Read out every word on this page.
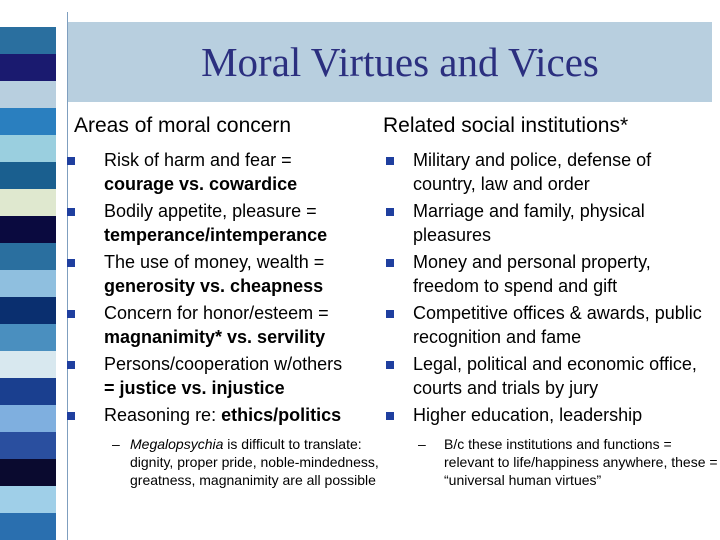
Moral Virtues and Vices
Areas of moral concern
Risk of harm and fear =
courage vs. cowardice
Bodily appetite, pleasure =
temperance/intemperance
The use of money, wealth =
generosity vs. cheapness
Concern for honor/esteem =
magnanimity* vs. servility
Persons/cooperation w/others
= justice vs. injustice
Reasoning re: ethics/politics
– Megalopsychia is difficult to translate: dignity, proper pride, noble-mindedness, greatness, magnanimity are all possible
Related social institutions*
Military and police, defense of country, law and order
Marriage and family, physical pleasures
Money and personal property, freedom to spend and gift
Competitive offices & awards, public recognition and fame
Legal, political and economic office, courts and trials by jury
Higher education, leadership
– B/c these institutions and functions = relevant to life/happiness anywhere, these = “universal human virtues”
